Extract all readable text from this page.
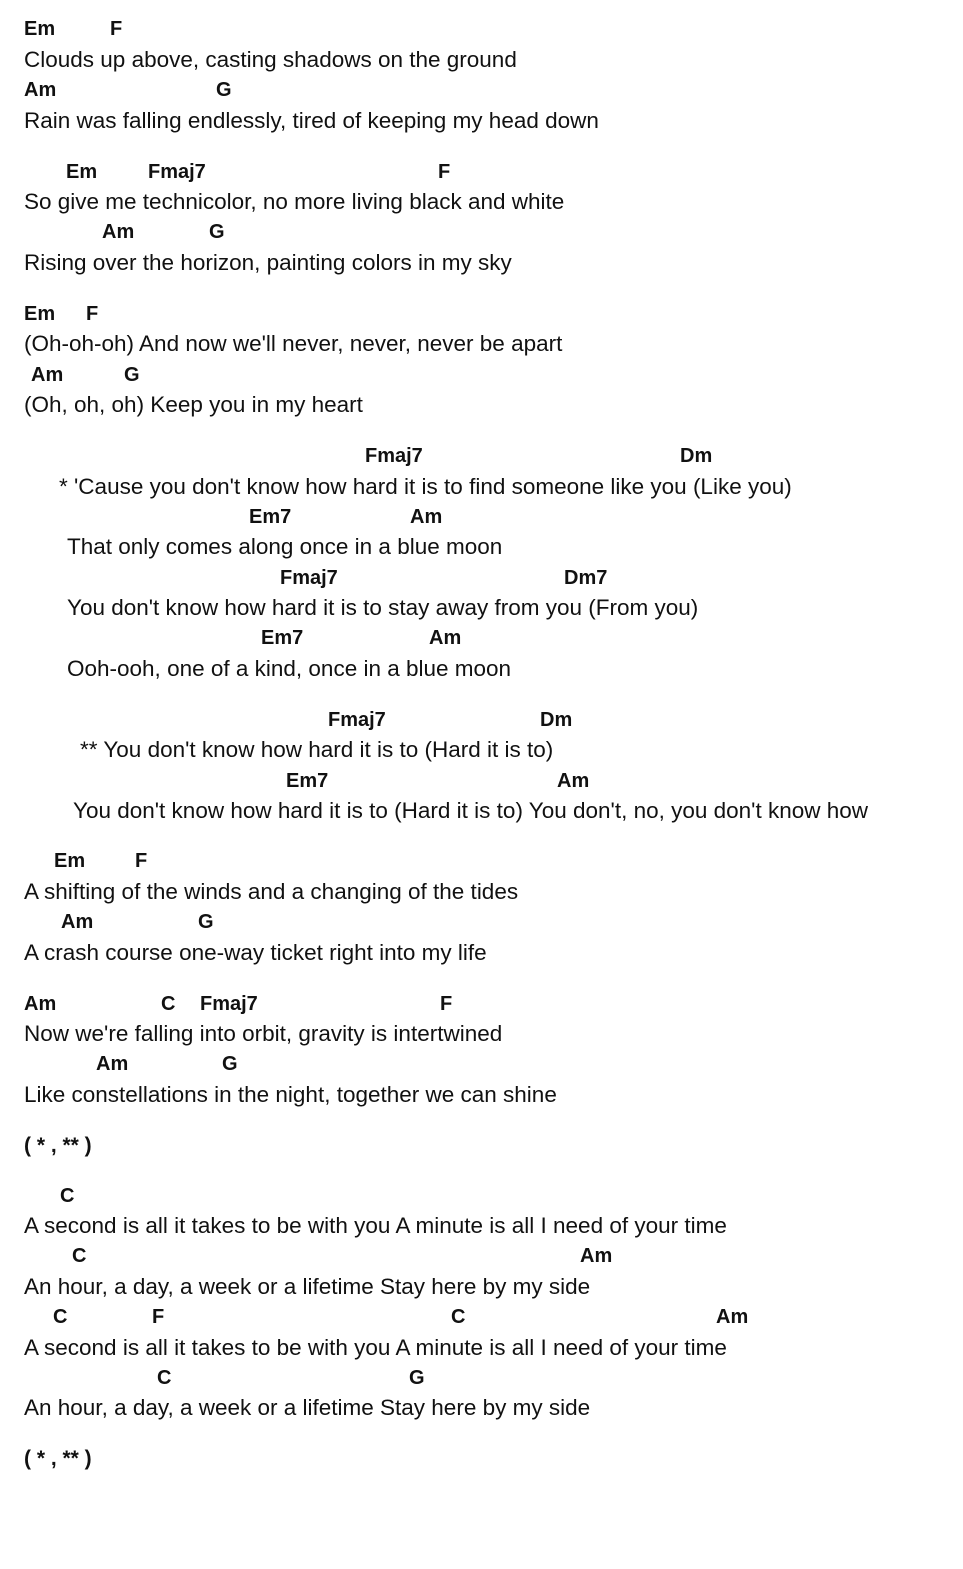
Em	F
Clouds up above, casting shadows on the ground
Am	G
Rain was falling endlessly, tired of keeping my head down
Em	Fmaj7	F
So give me technicolor, no more living black and white
Am	G
Rising over the horizon, painting colors in my sky
Em F
(Oh-oh-oh) And now we'll never, never, never be apart
Am	G
(Oh, oh, oh) Keep you in my heart
Fmaj7	Dm
* 'Cause you don't know how hard it is to find someone like you (Like you)
Em7	Am
That only comes along once in a blue moon
Fmaj7	Dm7
You don't know how hard it is to stay away from you (From you)
Em7	Am
Ooh-ooh, one of a kind, once in a blue moon
Fmaj7	Dm
** You don't know how hard it is to (Hard it is to)
Em7	Am
You don't know how hard it is to (Hard it is to) You don't, no, you don't know how
Em F
A shifting of the winds and a changing of the tides
Am	G
A crash course one-way ticket right into my life
Am	C Fmaj7	F
Now we're falling into orbit, gravity is intertwined
Am	G
Like constellations in the night, together we can shine
( * , ** )
C
A second is all it takes to be with you A minute is all I need of your time
C	Am
An hour, a day, a week or a lifetime Stay here by my side
C	F	C	Am
A second is all it takes to be with you A minute is all I need of your time
C	G
An hour, a day, a week or a lifetime Stay here by my side
( * , ** )
